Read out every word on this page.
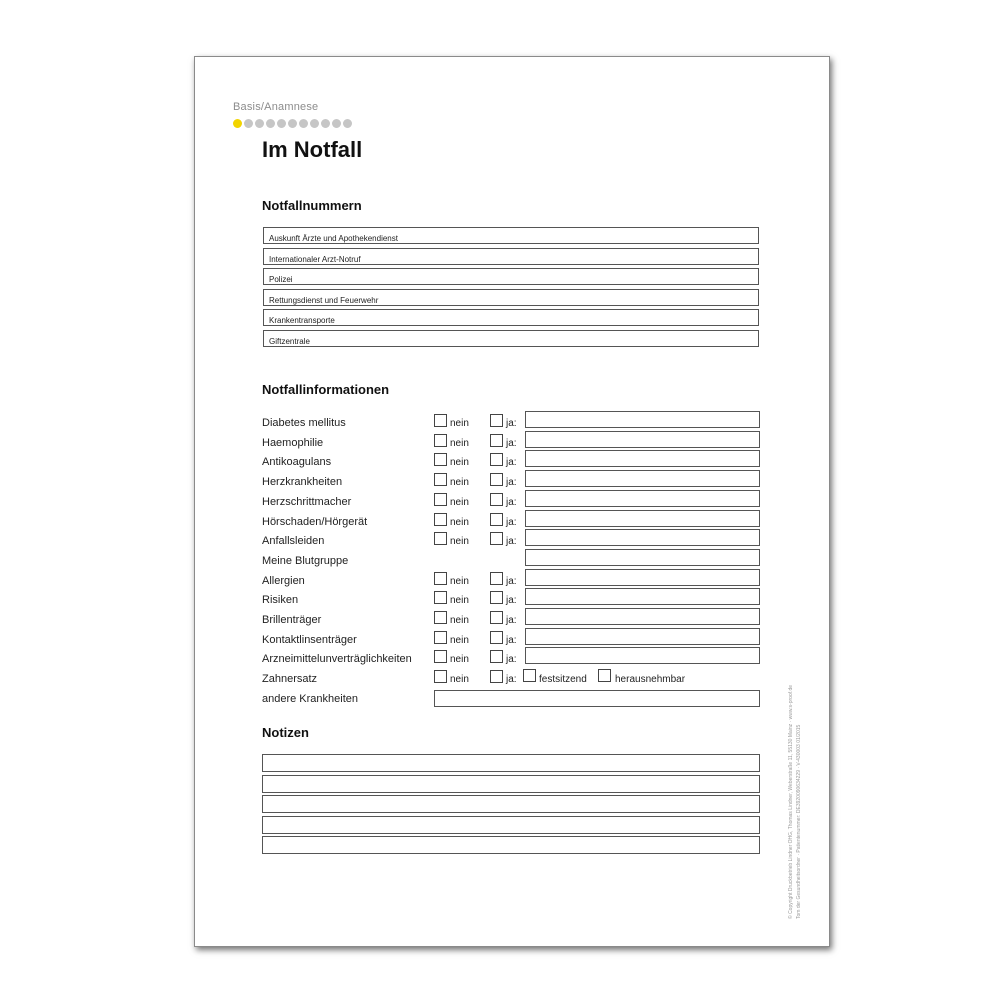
Basis/Anamnese
Im Notfall
Notfallnummern
Auskunft Ärzte und Apothekendienst
Internationaler Arzt-Notruf
Polizei
Rettungsdienst und Feuerwehr
Krankentransporte
Giftzentrale
Notfallinformationen
Diabetes mellitus	nein	ja:
Haemophilie	nein	ja:
Antikoagulans	nein	ja:
Herzkrankheiten	nein	ja:
Herzschrittmacher	nein	ja:
Hörschaden/Hörgerät	nein	ja:
Anfallsleiden	nein	ja:
Meine Blutgruppe
Allergien	nein	ja:
Risiken	nein	ja:
Brillenträger	nein	ja:
Kontaktlinsenträger	nein	ja:
Arzneimittelunverträglichkeiten	nein	ja:
Zahnersatz	nein	ja: festsitzend	herausnehmbar
andere Krankheiten
Notizen	© Copyright Druckbetrieb Lindner OHG, Thomas Lindner, Weberstraße 11, 55130 Mainz · www.s-proof.de Tom der Gesundheitsordner · Patientenummer: DE3920090634229 · V-430003 01/2015
